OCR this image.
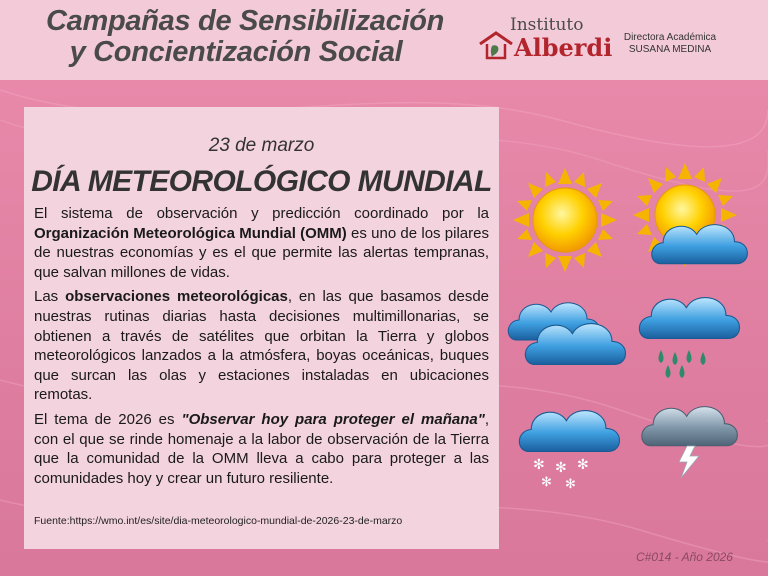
Campañas de Sensibilización
y Concientización Social
Instituto
Alberdi	Directora Académica
SUSANA MEDINA
23 de marzo
DÍA METEOROLÓGICO MUNDIAL

El sistema de observación y predicción coordinado por la Organización Meteorológica Mundial (OMM) es uno de los pilares de nuestras economías y es el que permite las alertas tempranas, que salvan millones de vidas.

Las observaciones meteorológicas, en las que basamos desde nuestras rutinas diarias hasta decisiones multimillonarias, se obtienen a través de satélites que orbitan la Tierra y globos meteorológicos lanzados a la atmósfera, boyas oceánicas, buques que surcan las olas y estaciones instaladas en ubicaciones remotas.

El tema de 2026 es "Observar hoy para proteger el mañana", con el que se rinde homenaje a la labor de observación de la Tierra que la comunidad de la OMM lleva a cabo para proteger a las comunidades hoy y crear un futuro resiliente.

Fuente:https://wmo.int/es/site/dia-meteorologico-mundial-de-2026-23-de-marzo
✻ ✻ ✻
✻ ✻
C#014 - Año 2026
